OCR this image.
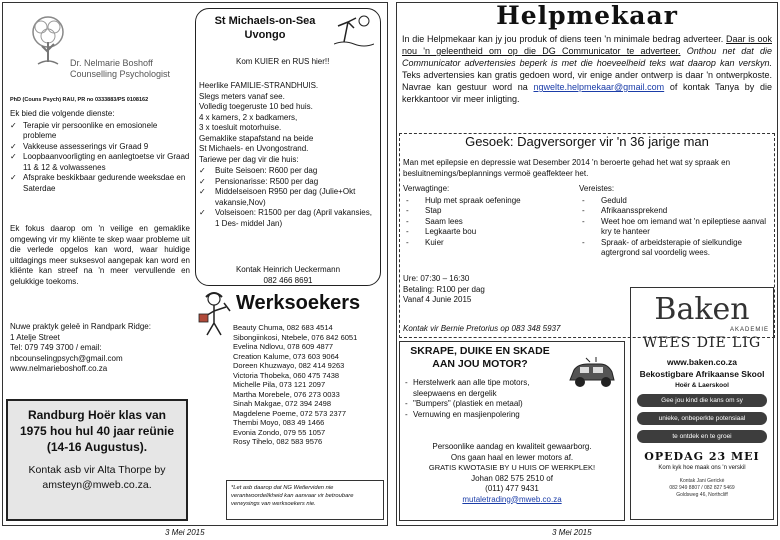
Dr. Nelmarie Boshoff
Counselling Psychologist
PhD (Couns Psych) RAU, PR no 0333883/PS 0108162
Ek bied die volgende dienste:
✓ Terapie vir persoonlike en emosionele probleme
✓ Vakkeuse assesserings vir Graad 9
✓ Loopbaanvoorligting en aanlegtoetse vir Graad 11 & 12 & volwassenes
✓ Afsprake beskikbaar gedurende weeksdae en Saterdae
Ek fokus daarop om 'n veilige en gemaklike omgewing vir my kliënte te skep waar probleme uit die verlede opgelos kan word, waar huidige uitdagings meer suksesvol aangepak kan word en kliënte kan streef na 'n meer vervullende en gelukkige toekoms.
Nuwe praktyk geleë in Randpark Ridge:
1 Atelje Street
Tel: 079 749 3700 / email:
nbcounselingpsych@gmail.com
www.nelmarieboshoff.co.za
Randburg Hoër klas van 1975 hou hul 40 jaar reünie (14-16 Augustus).
Kontak asb vir Alta Thorpe by amsteyn@mweb.co.za.
St Michaels-on-Sea
Uvongo
Kom KUIER en RUS hier!!
Heerlike FAMILIE-STRANDHUIS.
Slegs meters vanaf see.
Volledig toegeruste 10 bed huis.
4 x kamers, 2 x badkamers,
3 x toesluit motorhuise.
Gemaklike stapafstand na beide
St Michaels- en Uvongostrand.
Tariewe per dag vir die huis:
✓ Buite Seisoen: R600 per dag
✓ Pensionarisse: R500 per dag
✓ Middelseisoen R950 per dag (Julie+Okt vakansie,Nov)
✓ Volseisoen: R1500 per dag (April vakansies, 1 Des- middel Jan)
Kontak Heinrich Ueckermann
082 466 8691
Werksoekers
Beauty Chuma, 082 683 4514
Sibongiinkosi, Ntebele, 076 842 6051
Evelina Ndlovu, 078 609 4877
Creation Kalume, 073 603 9064
Doreen Khuzwayo, 082 414 9263
Victoria Thobeka, 060 475 7438
Michelle Pila, 073 121 2097
Martha Morebele, 076 273 0033
Sinah Makgae, 072 394 2498
Magdelene Poeme, 072 573 2377
Thembi Moyo, 083 49 1466
Evonia Zondo, 079 55 1057
Rosy Tihelo, 082 583 9576
*Let asb daarop dat NG Wetlerviden nie verantwoordelikheid kan aanvaar vir betroubare verwysings van werksoekers nie.
3 Mei 2015
Helpmekaar
In die Helpmekaar kan jy jou produk of diens teen 'n minimale bedrag adverteer. Daar is ook nou 'n geleentheid om op die DG Communicator te adverteer. Onthou net dat die Communicator advertensies beperk is met die hoeveelheid teks wat daarop kan verskyn. Teks advertensies kan gratis gedoen word, vir enige ander ontwerp is daar 'n ontwerpkoste. Navrae kan gestuur word na ngwelte.helpmekaar@gmail.com of kontak Tanya by die kerkkantoor vir meer inligting.
Gesoek: Dagversorger vir 'n 36 jarige man
Man met epilepsie en depressie wat Desember 2014 'n beroerte gehad het wat sy spraak en besluitnemings/beplannings vermoë geaffekteer het.
Verwagtinge:
- Hulp met spraak oefeninge
- Stap
- Saam lees
- Legkaarte bou
- Kuier
Vereistes:
- Geduld
- Afrikaanssprekend
- Weet hoe om iemand wat 'n epileptiese aanval kry te hanteer
- Spraak- of arbeidsterapie of sielkundige agtergrond sal voordelig wees.
Ure: 07:30 – 16:30
Betaling: R100 per dag
Vanaf 4 Junie 2015
Kontak vir Bernie Pretorius op 083 348 5937
SKRAPE, DUIKE EN SKADE
AAN JOU MOTOR?
- Herstelwerk aan alle tipe motors, sleepwaens en dergelik
- "Bumpers" (plastiek en metaal)
- Vernuwing en masjienpolering
Persoonlike aandag en kwaliteit gewaarborg.
Ons gaan haal en lewer motors af.
GRATIS KWOTASIE BY U HUIS OF WERKPLEK!
Johan 082 575 2510 of
(011) 477 9431
mutaletrading@mweb.co.za
Baken
AKADEMIE
WEES DIE LIG
www.baken.co.za
Bekostigbare Afrikaanse Skool
Hoër & Laerskool
Gee jou kind die kans om sy
unieke, onbeperkte potensiaal
te ontdek en te groei
OPEDAG 23 MEI
Kom kyk hoe maak ons 'n verskil
Kontak Jani Gerickė
082 949 8807 / 082 827 5469
Goldsweg 46, Northcliff
3 Mei 2015
